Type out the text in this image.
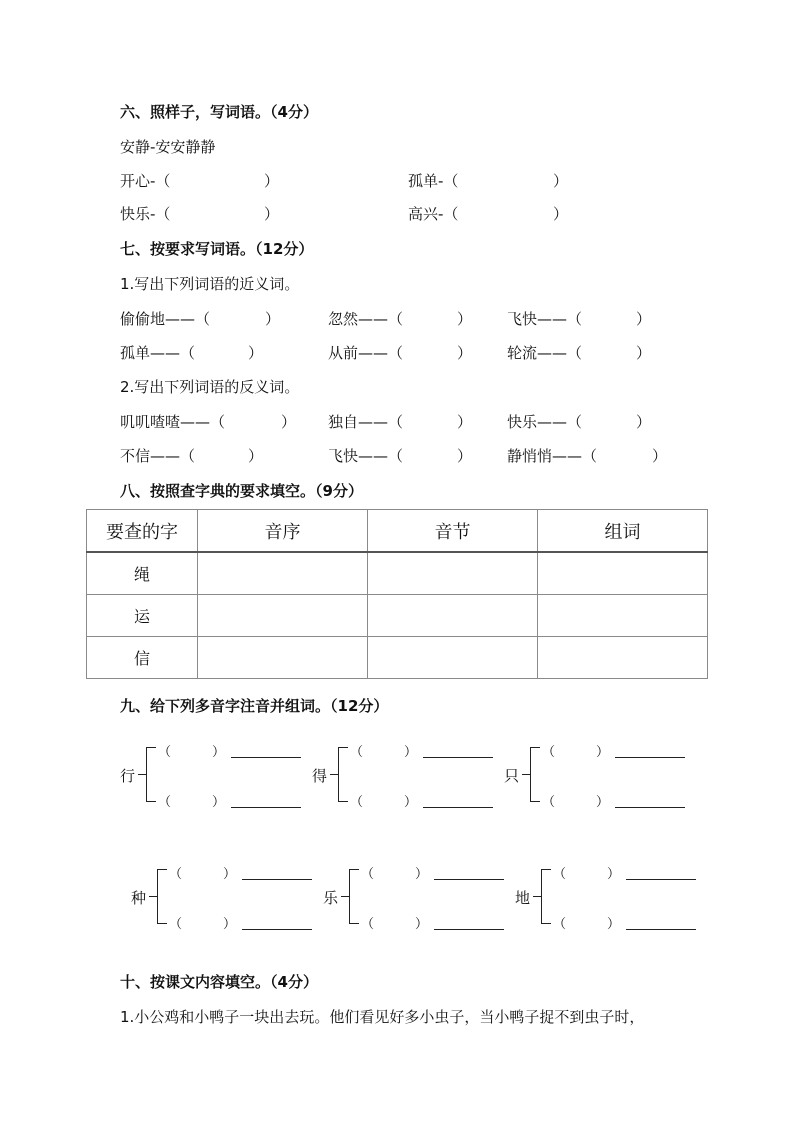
六、照样子，写词语。（4分）
安静-安安静静
开心-（	）	孤单-（	）
快乐-（	）	高兴-（	）
七、按要求写词语。（12分）
1.写出下列词语的近义词。
偷偷地——（	）	忽然——（	） 飞快——（	）
孤单——（	）	从前——（	） 轮流——（	）
2.写出下列词语的反义词。
叽叽喳喳——（	） 独自——（	） 快乐——（	）
不信——（	）	飞快——（	） 静悄悄——（	）
八、按照查字典的要求填空。（9分）
要查的字	音序	音节	组词
绳			
运			
信			
九、给下列多音字注音并组词。（12分）
行
（	）
（	）
得
（	）
（	）
只
（	）
（	）
种
（	）
（	）
乐
（	）
（	）
地
（	）
（	）
十、按课文内容填空。（4分）
1.小公鸡和小鸭子一块出去玩。他们看见好多小虫子，当小鸭子捉不到虫子时，
